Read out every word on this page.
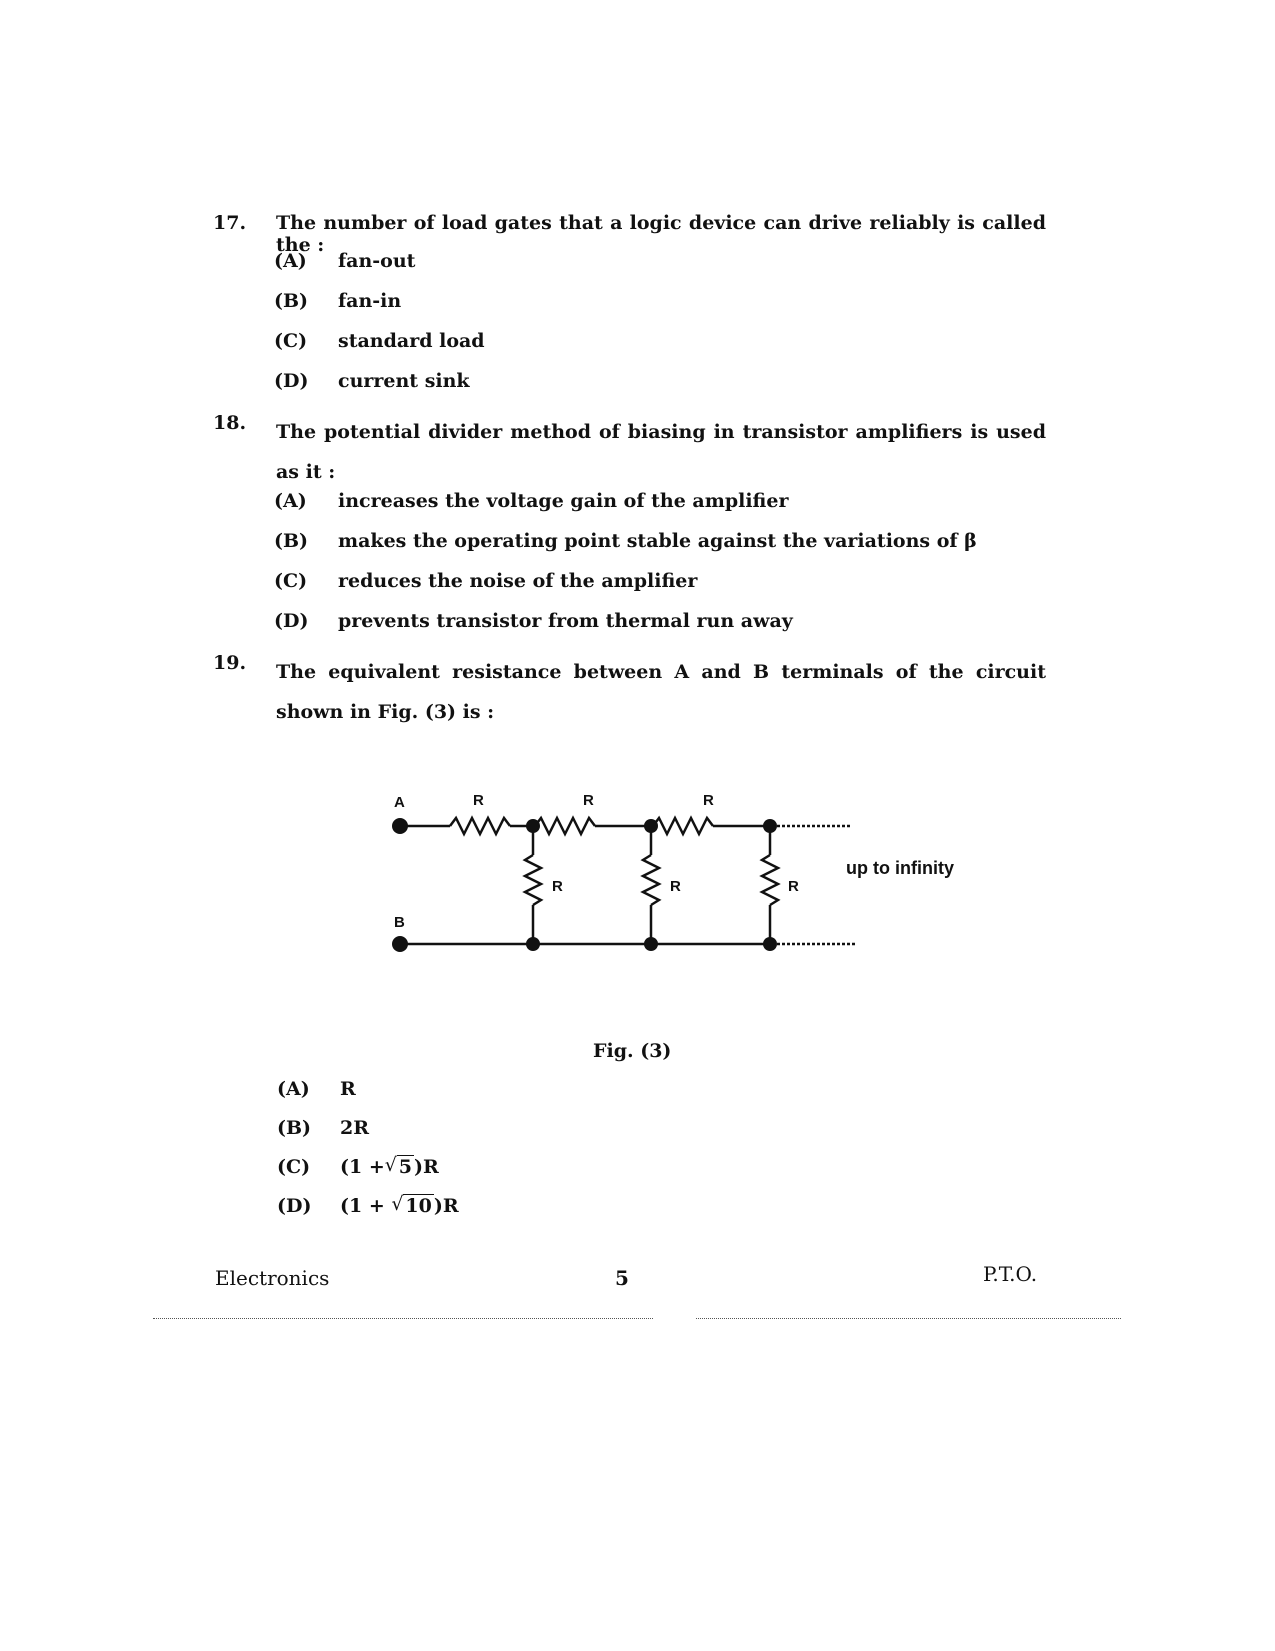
17. The number of load gates that a logic device can drive reliably is called the :
(A) fan-out
(B) fan-in
(C) standard load
(D) current sink
18. The potential divider method of biasing in transistor amplifiers is used as it :
(A) increases the voltage gain of the amplifier
(B) makes the operating point stable against the variations of β
(C) reduces the noise of the amplifier
(D) prevents transistor from thermal run away
19. The equivalent resistance between A and B terminals of the circuit shown in Fig. (3) is :
A
B
R	R	R
R	R	R
up to infinity
Fig. (3)
(A) R
(B) 2R
(C) (1 + √ 5 )R
(D) (1 + √ 10 )R
Electronics	5	P.T.O.
